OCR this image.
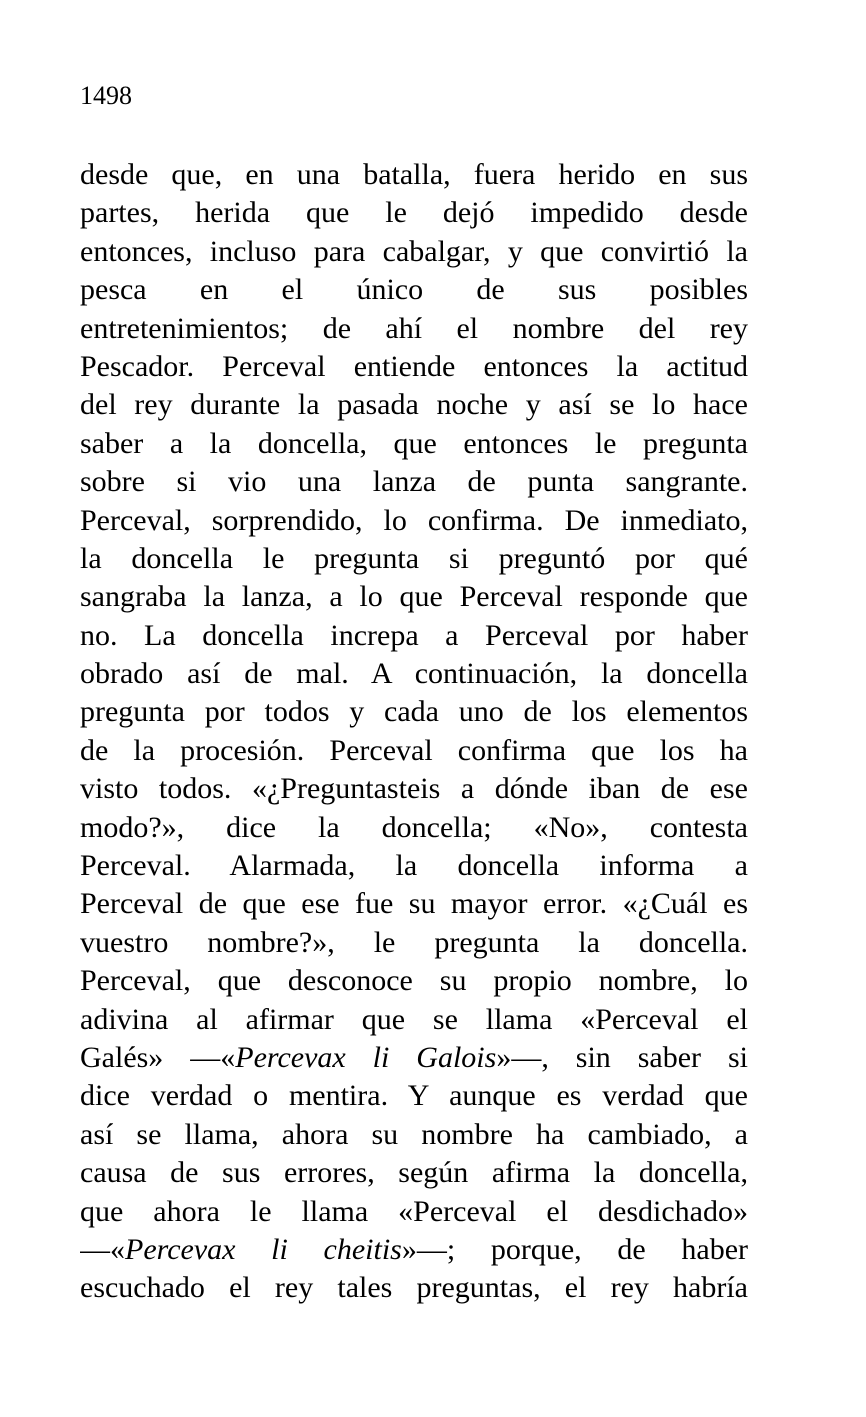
1498
desde que, en una batalla, fuera herido en sus
partes, herida que le dejó impedido desde
entonces, incluso para cabalgar, y que convirtió la
pesca en el único de sus posibles
entretenimientos; de ahí el nombre del rey
Pescador. Perceval entiende entonces la actitud
del rey durante la pasada noche y así se lo hace
saber a la doncella, que entonces le pregunta
sobre si vio una lanza de punta sangrante.
Perceval, sorprendido, lo confirma. De inmediato,
la doncella le pregunta si preguntó por qué
sangraba la lanza, a lo que Perceval responde que
no. La doncella increpa a Perceval por haber
obrado así de mal. A continuación, la doncella
pregunta por todos y cada uno de los elementos
de la procesión. Perceval confirma que los ha
visto todos. «¿Preguntasteis a dónde iban de ese
modo?», dice la doncella; «No», contesta
Perceval. Alarmada, la doncella informa a
Perceval de que ese fue su mayor error. «¿Cuál es
vuestro nombre?», le pregunta la doncella.
Perceval, que desconoce su propio nombre, lo
adivina al afirmar que se llama «Perceval el
Galés» —«Percevax li Galois»—, sin saber si
dice verdad o mentira. Y aunque es verdad que
así se llama, ahora su nombre ha cambiado, a
causa de sus errores, según afirma la doncella,
que ahora le llama «Perceval el desdichado»
—«Percevax li cheitis»—; porque, de haber
escuchado el rey tales preguntas, el rey habría
